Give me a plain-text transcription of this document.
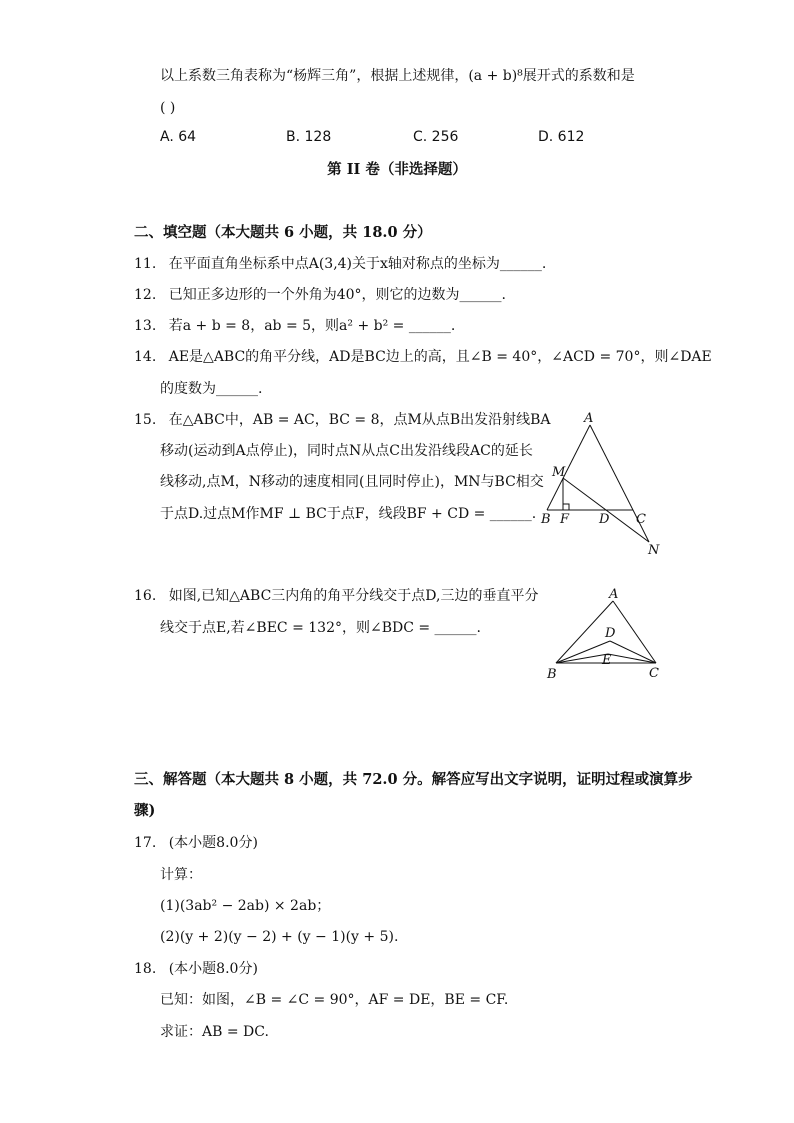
以上系数三角表称为“杨辉三角”，根据上述规律，(a + b)⁸展开式的系数和是
( )
A. 64	B. 128	C. 256	D. 612
第 II 卷（非选择题）
二、填空题（本大题共 6 小题，共 18.0 分）
11. 在平面直角坐标系中点A(3,4)关于x轴对称点的坐标为______.
12. 已知正多边形的一个外角为40°，则它的边数为______.
13. 若a + b = 8，ab = 5，则a² + b² = ______.
14. AE是△ABC的角平分线，AD是BC边上的高，且∠B = 40°，∠ACD = 70°，则∠DAE
的度数为______.
15. 在△ABC中，AB = AC，BC = 8，点M从点B出发沿射线BA
移动(运动到A点停止)，同时点N从点C出发沿线段AC的延长
线移动,点M，N移动的速度相同(且同时停止)，MN与BC相交
于点D.过点M作MF ⊥ BC于点F，线段BF + CD = ______.
A
M
B F D C
N
16. 如图,已知△ABC三内角的角平分线交于点D,三边的垂直平分
线交于点E,若∠BEC = 132°，则∠BDC = ______.
A
D
E
B	C
三、解答题（本大题共 8 小题，共 72.0 分。解答应写出文字说明，证明过程或演算步
骤)
17. (本小题8.0分)
计算：
(1)(3ab² − 2ab) × 2ab；
(2)(y + 2)(y − 2) + (y − 1)(y + 5).
18. (本小题8.0分)
已知：如图，∠B = ∠C = 90°，AF = DE，BE = CF.
求证：AB = DC.
